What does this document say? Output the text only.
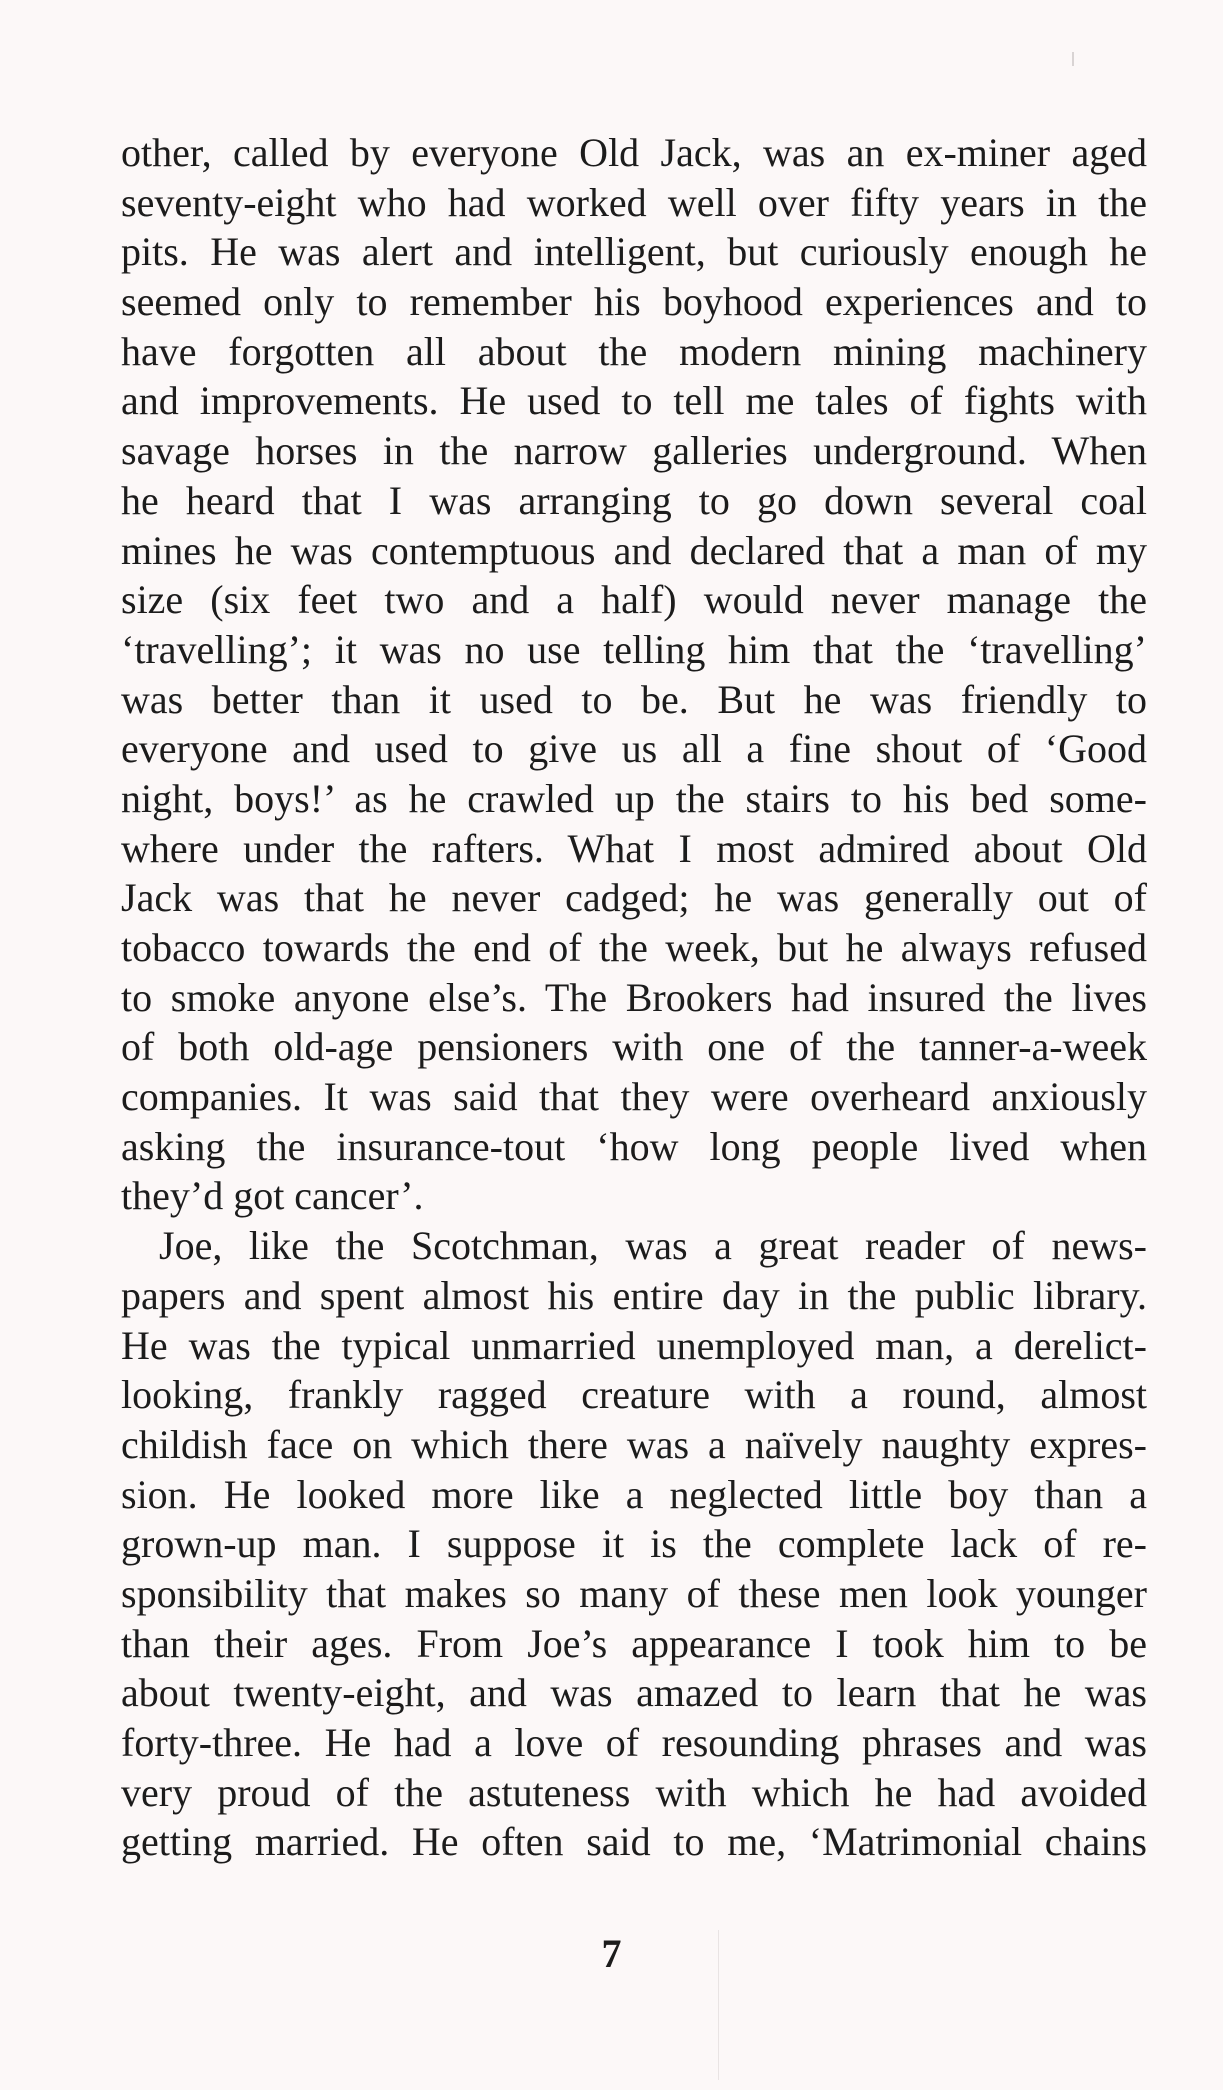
other, called by everyone Old Jack, was an ex-miner aged
seventy-eight who had worked well over fifty years in the
pits. He was alert and intelligent, but curiously enough he
seemed only to remember his boyhood experiences and to
have forgotten all about the modern mining machinery
and improvements. He used to tell me tales of fights with
savage horses in the narrow galleries underground. When
he heard that I was arranging to go down several coal
mines he was contemptuous and declared that a man of my
size (six feet two and a half) would never manage the
‘travelling’; it was no use telling him that the ‘travelling’
was better than it used to be. But he was friendly to
everyone and used to give us all a fine shout of ‘Good
night, boys!’ as he crawled up the stairs to his bed some-
where under the rafters. What I most admired about Old
Jack was that he never cadged; he was generally out of
tobacco towards the end of the week, but he always refused
to smoke anyone else’s. The Brookers had insured the lives
of both old-age pensioners with one of the tanner-a-week
companies. It was said that they were overheard anxiously
asking the insurance-tout ‘how long people lived when
they’d got cancer’.
Joe, like the Scotchman, was a great reader of news-
papers and spent almost his entire day in the public library.
He was the typical unmarried unemployed man, a derelict-
looking, frankly ragged creature with a round, almost
childish face on which there was a naïvely naughty expres-
sion. He looked more like a neglected little boy than a
grown-up man. I suppose it is the complete lack of re-
sponsibility that makes so many of these men look younger
than their ages. From Joe’s appearance I took him to be
about twenty-eight, and was amazed to learn that he was
forty-three. He had a love of resounding phrases and was
very proud of the astuteness with which he had avoided
getting married. He often said to me, ‘Matrimonial chains
7
